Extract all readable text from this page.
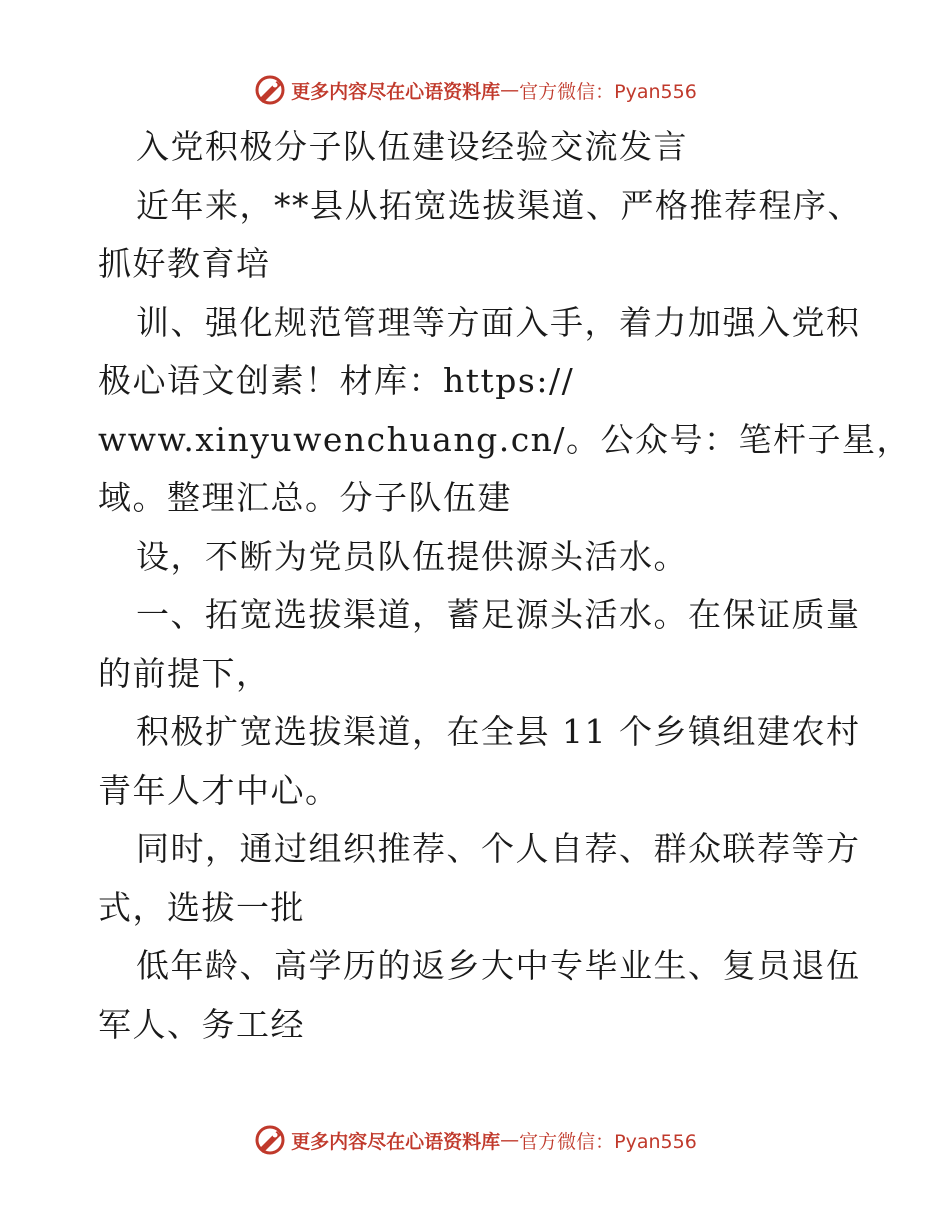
更多内容尽在心语资料库 — 官方微信：Pyan556
入党积极分子队伍建设经验交流发言
近年来，**县从拓宽选拔渠道、严格推荐程序、
抓好教育培
训、强化规范管理等方面入手，着力加强入党积
极心语文创素！材库：https://
www.xinyuwenchuang.cn/。公众号：笔杆子星，
域。整理汇总。分子队伍建
设，不断为党员队伍提供源头活水。
一、拓宽选拔渠道，蓄足源头活水。在保证质量
的前提下，
积极扩宽选拔渠道，在全县 11 个乡镇组建农村
青年人才中心。
同时，通过组织推荐、个人自荐、群众联荐等方
式，选拔一批
低年龄、高学历的返乡大中专毕业生、复员退伍
军人、务工经
更多内容尽在心语资料库 — 官方微信：Pyan556
